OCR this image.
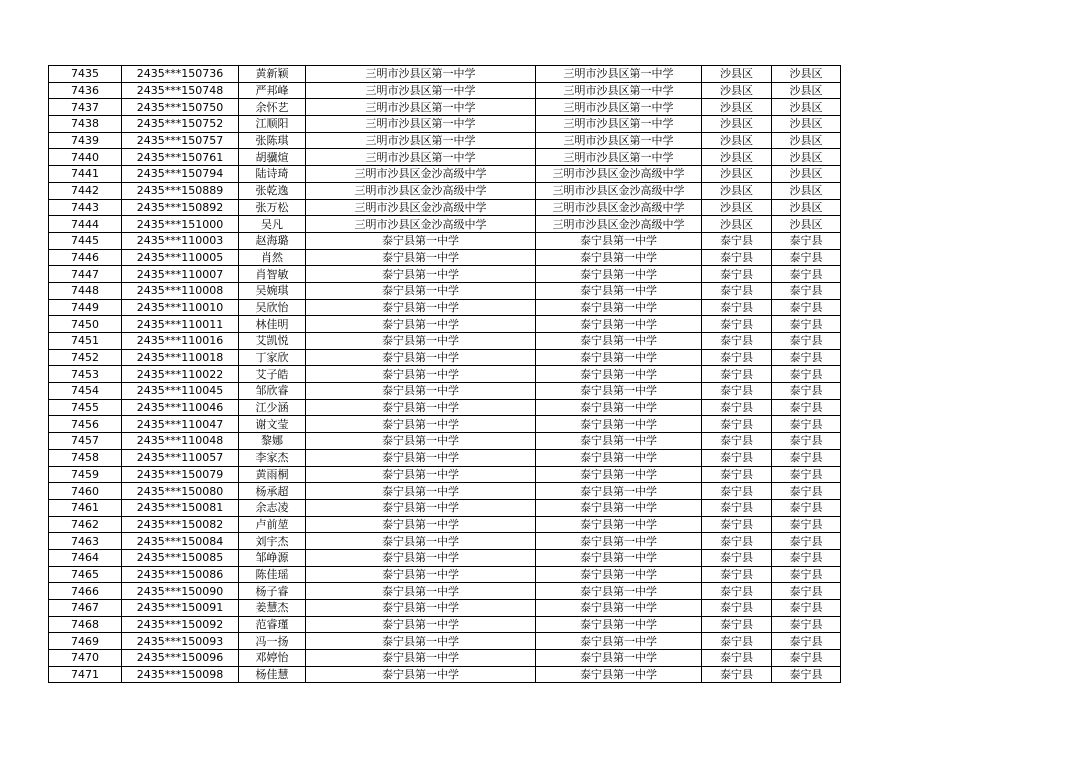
7435	2435***150736	黄新颖	三明市沙县区第一中学	三明市沙县区第一中学	沙县区	沙县区
7436	2435***150748	严邦峰	三明市沙县区第一中学	三明市沙县区第一中学	沙县区	沙县区
7437	2435***150750	余怀艺	三明市沙县区第一中学	三明市沙县区第一中学	沙县区	沙县区
7438	2435***150752	江顺阳	三明市沙县区第一中学	三明市沙县区第一中学	沙县区	沙县区
7439	2435***150757	张陈琪	三明市沙县区第一中学	三明市沙县区第一中学	沙县区	沙县区
7440	2435***150761	胡骥煊	三明市沙县区第一中学	三明市沙县区第一中学	沙县区	沙县区
7441	2435***150794	陆诗琦	三明市沙县区金沙高级中学	三明市沙县区金沙高级中学	沙县区	沙县区
7442	2435***150889	张乾逸	三明市沙县区金沙高级中学	三明市沙县区金沙高级中学	沙县区	沙县区
7443	2435***150892	张万松	三明市沙县区金沙高级中学	三明市沙县区金沙高级中学	沙县区	沙县区
7444	2435***151000	吴凡	三明市沙县区金沙高级中学	三明市沙县区金沙高级中学	沙县区	沙县区
7445	2435***110003	赵海璐	泰宁县第一中学	泰宁县第一中学	泰宁县	泰宁县
7446	2435***110005	肖然	泰宁县第一中学	泰宁县第一中学	泰宁县	泰宁县
7447	2435***110007	肖智敏	泰宁县第一中学	泰宁县第一中学	泰宁县	泰宁县
7448	2435***110008	吴婉琪	泰宁县第一中学	泰宁县第一中学	泰宁县	泰宁县
7449	2435***110010	吴欣怡	泰宁县第一中学	泰宁县第一中学	泰宁县	泰宁县
7450	2435***110011	林佳明	泰宁县第一中学	泰宁县第一中学	泰宁县	泰宁县
7451	2435***110016	艾凯悦	泰宁县第一中学	泰宁县第一中学	泰宁县	泰宁县
7452	2435***110018	丁家欣	泰宁县第一中学	泰宁县第一中学	泰宁县	泰宁县
7453	2435***110022	艾子皓	泰宁县第一中学	泰宁县第一中学	泰宁县	泰宁县
7454	2435***110045	邹欣睿	泰宁县第一中学	泰宁县第一中学	泰宁县	泰宁县
7455	2435***110046	江少涵	泰宁县第一中学	泰宁县第一中学	泰宁县	泰宁县
7456	2435***110047	谢文莹	泰宁县第一中学	泰宁县第一中学	泰宁县	泰宁县
7457	2435***110048	黎娜	泰宁县第一中学	泰宁县第一中学	泰宁县	泰宁县
7458	2435***110057	李家杰	泰宁县第一中学	泰宁县第一中学	泰宁县	泰宁县
7459	2435***150079	黄雨桐	泰宁县第一中学	泰宁县第一中学	泰宁县	泰宁县
7460	2435***150080	杨承超	泰宁县第一中学	泰宁县第一中学	泰宁县	泰宁县
7461	2435***150081	余志凌	泰宁县第一中学	泰宁县第一中学	泰宁县	泰宁县
7462	2435***150082	卢前堃	泰宁县第一中学	泰宁县第一中学	泰宁县	泰宁县
7463	2435***150084	刘宇杰	泰宁县第一中学	泰宁县第一中学	泰宁县	泰宁县
7464	2435***150085	邹峥源	泰宁县第一中学	泰宁县第一中学	泰宁县	泰宁县
7465	2435***150086	陈佳瑶	泰宁县第一中学	泰宁县第一中学	泰宁县	泰宁县
7466	2435***150090	杨子睿	泰宁县第一中学	泰宁县第一中学	泰宁县	泰宁县
7467	2435***150091	姜慧杰	泰宁县第一中学	泰宁县第一中学	泰宁县	泰宁县
7468	2435***150092	范睿瑾	泰宁县第一中学	泰宁县第一中学	泰宁县	泰宁县
7469	2435***150093	冯一扬	泰宁县第一中学	泰宁县第一中学	泰宁县	泰宁县
7470	2435***150096	邓婷怡	泰宁县第一中学	泰宁县第一中学	泰宁县	泰宁县
7471	2435***150098	杨佳慧	泰宁县第一中学	泰宁县第一中学	泰宁县	泰宁县
